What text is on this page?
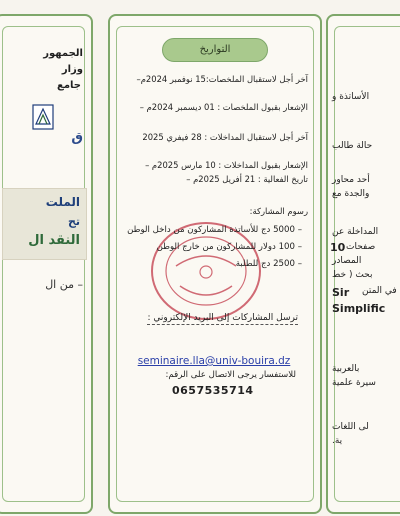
الجمهور
وزار
جامع
ق
الملت
تح
النقد ال
– من ال
التواريخ
آخر أجل لاستقبال الملخصات:15 نوفمبر 2024م–
الإشعار بقبول الملخصات : 01 ديسمبر 2024م –
آخر أجل لاستقبال المداخلات : 28 فيفري 2025
الإشعار بقبول المداخلات : 10 مارس 2025م –
تاريخ الفعالية : 21 أفريل 2025م –
رسوم المشاركة:
– 5000 دج للأساتذة المشاركون من داخل الوطن
– 100 دولار للمشاركون من خارج الوطن
– 2500 دج للطلبة
ترسل المشاركات إلى البريد الإلكتروني :
seminaire.lla@univ-bouira.dz
للاستفسار يرجى الاتصال على الرقم:
0657535714
الأساتذة و
حالة طالب
أحد محاور
والجدة مع
المداخلة عن
10 صفحات
المصادر
بحث ( خط
Sir في المتن
Simplific
بالعربية
سيرة علمية
لى اللغات
ية.
